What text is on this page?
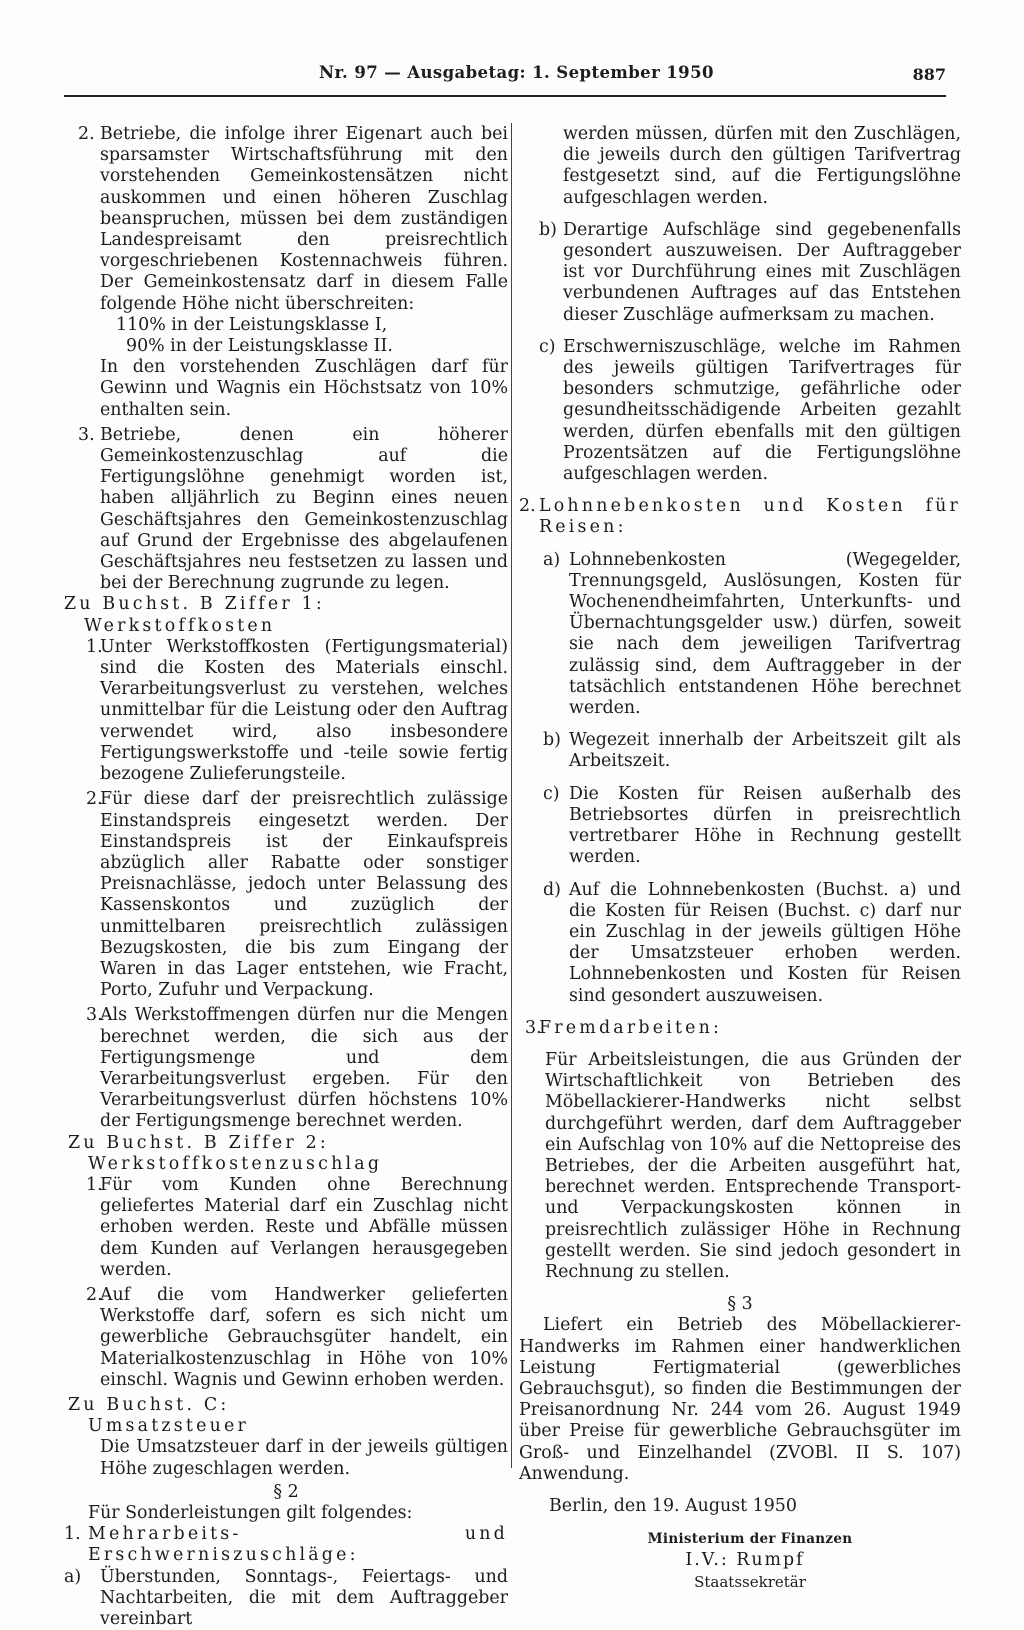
Nr. 97 — Ausgabetag: 1. September 1950	887
2. Betriebe, die infolge ihrer Eigenart auch bei sparsamster Wirtschaftsführung mit den vorstehenden Gemeinkostensätzen nicht auskommen und einen höheren Zuschlag beanspruchen, müssen bei dem zuständigen Landespreisamt den preisrechtlich vorgeschriebenen Kostennachweis führen. Der Gemeinkostensatz darf in diesem Falle folgende Höhe nicht überschreiten:
110% in der Leistungsklasse I,
90% in der Leistungsklasse II.
In den vorstehenden Zuschlägen darf für Gewinn und Wagnis ein Höchstsatz von 10% enthalten sein.
3. Betriebe, denen ein höherer Gemeinkostenzuschlag auf die Fertigungslöhne genehmigt worden ist, haben alljährlich zu Beginn eines neuen Geschäftsjahres den Gemeinkostenzuschlag auf Grund der Ergebnisse des abgelaufenen Geschäftsjahres neu festsetzen zu lassen und bei der Berechnung zugrunde zu legen.
Zu Buchst. B Ziffer 1:
Werkstoffkosten
1.
Unter Werkstoffkosten (Fertigungsmaterial) sind die Kosten des Materials einschl. Verarbeitungsverlust zu verstehen, welches unmittelbar für die Leistung oder den Auftrag verwendet wird, also insbesondere Fertigungswerkstoffe und -teile sowie fertig bezogene Zulieferungsteile.
2.
Für diese darf der preisrechtlich zulässige Einstandspreis eingesetzt werden. Der Einstandspreis ist der Einkaufspreis abzüglich aller Rabatte oder sonstiger Preisnachlässe, jedoch unter Belassung des Kassenskontos und zuzüglich der unmittelbaren preisrechtlich zulässigen Bezugskosten, die bis zum Eingang der Waren in das Lager entstehen, wie Fracht, Porto, Zufuhr und Verpackung.
3.
Als Werkstoffmengen dürfen nur die Mengen berechnet werden, die sich aus der Fertigungsmenge und dem Verarbeitungsverlust ergeben. Für den Verarbeitungsverlust dürfen höchstens 10% der Fertigungsmenge berechnet werden.
Zu Buchst. B Ziffer 2:
Werkstoffkostenzuschlag
1.
Für vom Kunden ohne Berechnung geliefertes Material darf ein Zuschlag nicht erhoben werden. Reste und Abfälle müssen dem Kunden auf Verlangen herausgegeben werden.
2.
Auf die vom Handwerker gelieferten Werkstoffe darf, sofern es sich nicht um gewerbliche Gebrauchsgüter handelt, ein Materialkostenzuschlag in Höhe von 10% einschl. Wagnis und Gewinn erhoben werden.
Zu Buchst. C:
Umsatzsteuer
Die Umsatzsteuer darf in der jeweils gültigen Höhe zugeschlagen werden.
§ 2
Für Sonderleistungen gilt folgendes:
1. Mehrarbeits- und Erschwerniszuschläge:
a) Überstunden, Sonntags-, Feiertags- und Nachtarbeiten, die mit dem Auftraggeber vereinbart
werden müssen, dürfen mit den Zuschlägen, die jeweils durch den gültigen Tarifvertrag festgesetzt sind, auf die Fertigungslöhne aufgeschlagen werden.
b) Derartige Aufschläge sind gegebenenfalls gesondert auszuweisen. Der Auftraggeber ist vor Durchführung eines mit Zuschlägen verbundenen Auftrages auf das Entstehen dieser Zuschläge aufmerksam zu machen.
c) Erschwerniszuschläge, welche im Rahmen des jeweils gültigen Tarifvertrages für besonders schmutzige, gefährliche oder gesundheitsschädigende Arbeiten gezahlt werden, dürfen ebenfalls mit den gültigen Prozentsätzen auf die Fertigungslöhne aufgeschlagen werden.
2. Lohnnebenkosten und Kosten für Reisen:
a) Lohnnebenkosten (Wegegelder, Trennungsgeld, Auslösungen, Kosten für Wochenendheimfahrten, Unterkunfts- und Übernachtungsgelder usw.) dürfen, soweit sie nach dem jeweiligen Tarifvertrag zulässig sind, dem Auftraggeber in der tatsächlich entstandenen Höhe berechnet werden.
b) Wegezeit innerhalb der Arbeitszeit gilt als Arbeitszeit.
c) Die Kosten für Reisen außerhalb des Betriebsortes dürfen in preisrechtlich vertretbarer Höhe in Rechnung gestellt werden.
d) Auf die Lohnnebenkosten (Buchst. a) und die Kosten für Reisen (Buchst. c) darf nur ein Zuschlag in der jeweils gültigen Höhe der Umsatzsteuer erhoben werden. Lohnnebenkosten und Kosten für Reisen sind gesondert auszuweisen.
3.
Fremdarbeiten:
Für Arbeitsleistungen, die aus Gründen der Wirtschaftlichkeit von Betrieben des Möbellackierer-Handwerks nicht selbst durchgeführt werden, darf dem Auftraggeber ein Aufschlag von 10% auf die Nettopreise des Betriebes, der die Arbeiten ausgeführt hat, berechnet werden. Entsprechende Transport- und Verpackungskosten können in preisrechtlich zulässiger Höhe in Rechnung gestellt werden. Sie sind jedoch gesondert in Rechnung zu stellen.
§ 3
Liefert ein Betrieb des Möbellackierer-Handwerks im Rahmen einer handwerklichen Leistung Fertigmaterial (gewerbliches Gebrauchsgut), so finden die Bestimmungen der Preisanordnung Nr. 244 vom 26. August 1949 über Preise für gewerbliche Gebrauchsgüter im Groß- und Einzelhandel (ZVOBl. II S. 107) Anwendung.
Berlin, den 19. August 1950
Ministerium der Finanzen
I.V.: Rumpf
Staatssekretär
